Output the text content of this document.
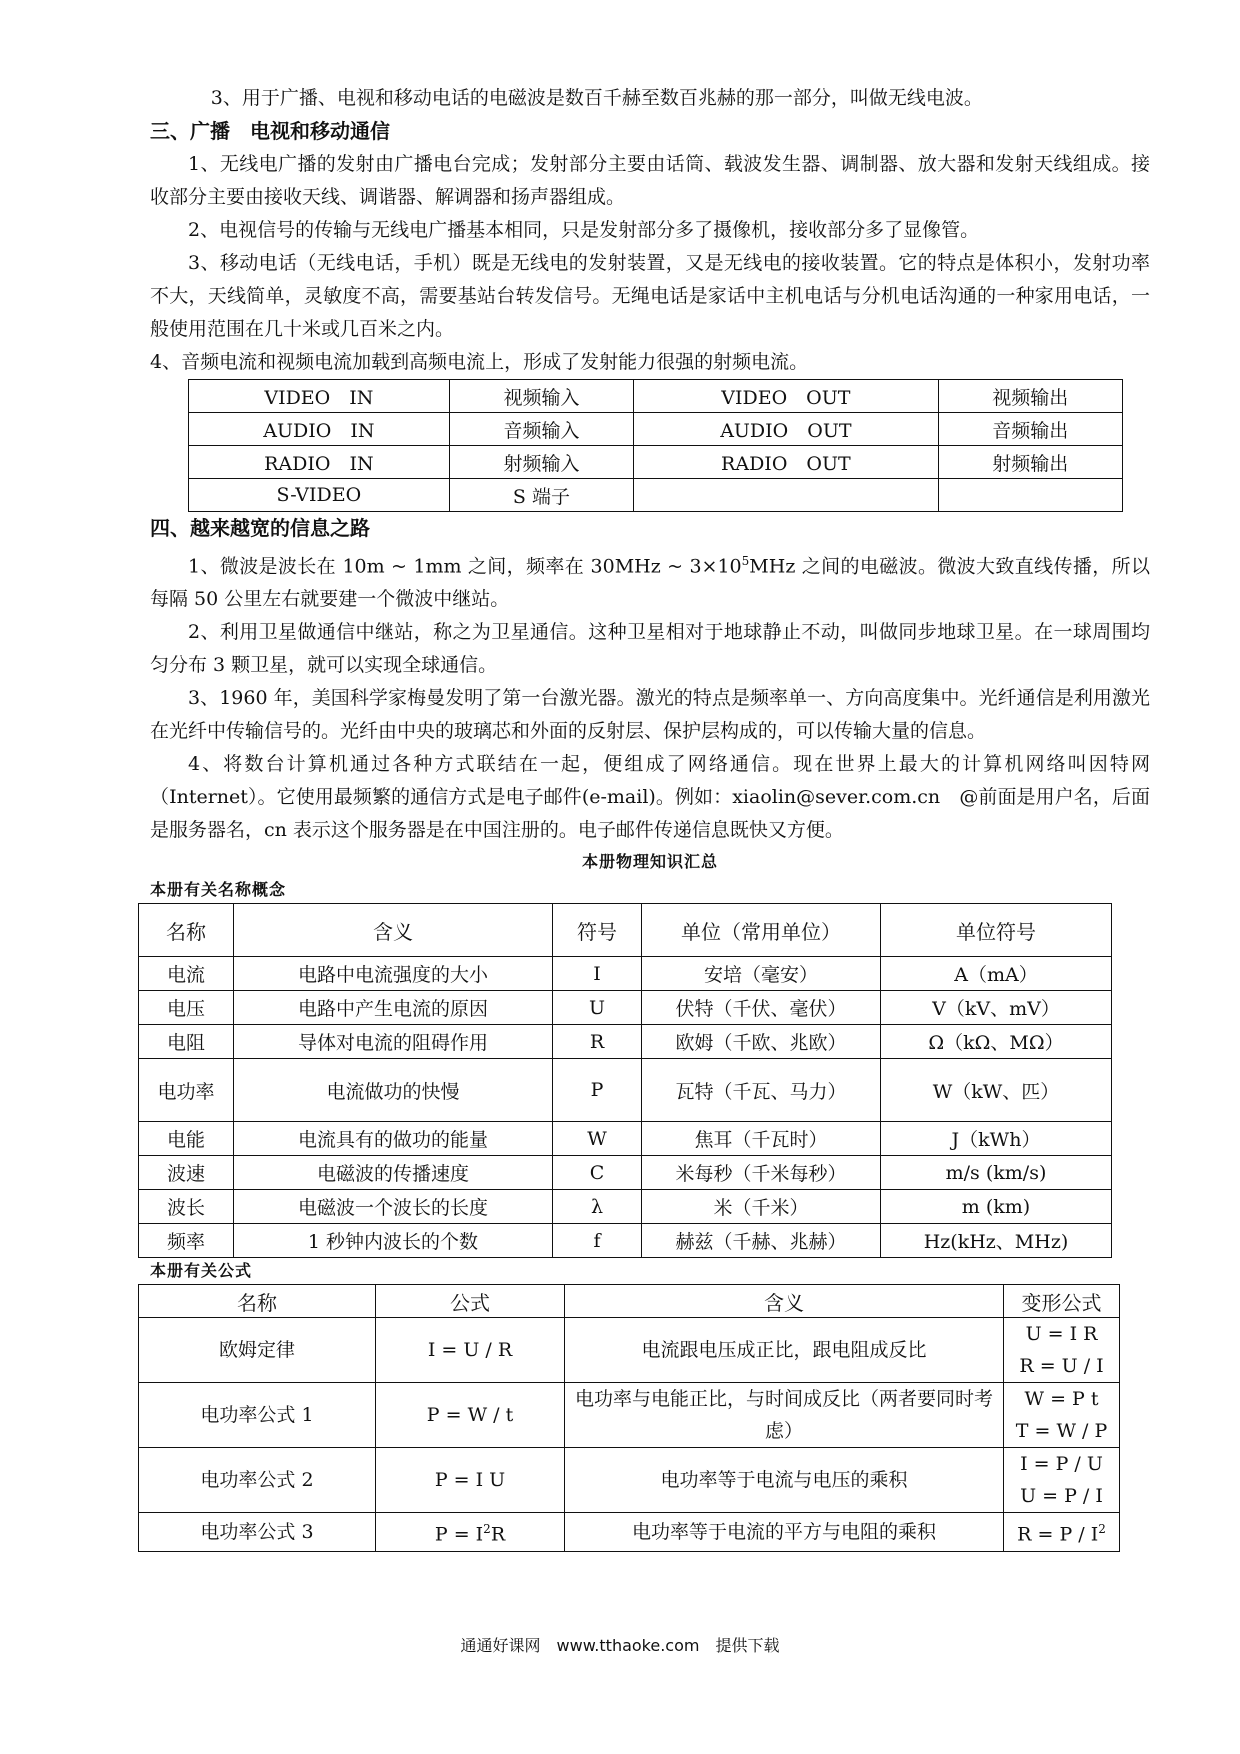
3、用于广播、电视和移动电话的电磁波是数百千赫至数百兆赫的那一部分，叫做无线电波。

三、广播　电视和移动通信

1、无线电广播的发射由广播电台完成；发射部分主要由话筒、载波发生器、调制器、放大器和发射天线组成。接收部分主要由接收天线、调谐器、解调器和扬声器组成。

2、电视信号的传输与无线电广播基本相同，只是发射部分多了摄像机，接收部分多了显像管。

3、移动电话（无线电话，手机）既是无线电的发射装置，又是无线电的接收装置。它的特点是体积小，发射功率不大，天线简单，灵敏度不高，需要基站台转发信号。无绳电话是家话中主机电话与分机电话沟通的一种家用电话，一般使用范围在几十米或几百米之内。

4、音频电流和视频电流加载到高频电流上，形成了发射能力很强的射频电流。

VIDEO　IN	视频输入	VIDEO　OUT	视频输出
AUDIO　IN	音频输入	AUDIO　OUT	音频输出
RADIO　IN	射频输入	RADIO　OUT	射频输出
S-VIDEO	S 端子		
四、越来越宽的信息之路

1、微波是波长在 10m ~ 1mm 之间，频率在 30MHz ~ $3\times 10^5MHz$ 之间的电磁波。微波大致直线传播，所以每隔 50 公里左右就要建一个微波中继站。

2、利用卫星做通信中继站，称之为卫星通信。这种卫星相对于地球静止不动，叫做同步地球卫星。在一球周围均匀分布 3 颗卫星，就可以实现全球通信。

3、1960 年，美国科学家梅曼发明了第一台激光器。激光的特点是频率单一、方向高度集中。光纤通信是利用激光在光纤中传输信号的。光纤由中央的玻璃芯和外面的反射层、保护层构成的，可以传输大量的信息。

4、将数台计算机通过各种方式联结在一起，便组成了网络通信。现在世界上最大的计算机网络叫因特网（Internet）。它使用最频繁的通信方式是电子邮件(e-mail)。例如：xiaolin@sever.com.cn　@前面是用户名，后面是服务器名，cn 表示这个服务器是在中国注册的。电子邮件传递信息既快又方便。

本册物理知识汇总
本册有关名称概念
名称	含义	符号	单位（常用单位）	单位符号
电流	电路中电流强度的大小	I	安培（毫安）	A（mA）
电压	电路中产生电流的原因	U	伏特（千伏、毫伏）	V（kV、mV）
电阻	导体对电流的阻碍作用	R	欧姆（千欧、兆欧）	Ω（kΩ、MΩ）
电功率	电流做功的快慢	P	瓦特（千瓦、马力）	W（kW、匹）
电能	电流具有的做功的能量	W	焦耳（千瓦时）	J（kWh）
波速	电磁波的传播速度	C	米每秒（千米每秒）	m/s (km/s)
波长	电磁波一个波长的长度	λ	米（千米）	m (km)
频率	1 秒钟内波长的个数	f	赫兹（千赫、兆赫）	Hz(kHz、MHz)
本册有关公式
名称	公式	含义	变形公式
欧姆定律	I = U / R	电流跟电压成正比，跟电阻成反比	U = I R
R = U / I

电功率公式 1	P = W / t	电功率与电能正比，与时间成反比（两者要同时考虑）	W = P t
T = W / P

电功率公式 2	P = I U	电功率等于电流与电压的乘积	I = P / U
U = P / I

电功率公式 3	$P = I^2R$	电功率等于电流的平方与电阻的乘积	$R = P / I^2$
通通好课网　www.tthaoke.com　提供下载
